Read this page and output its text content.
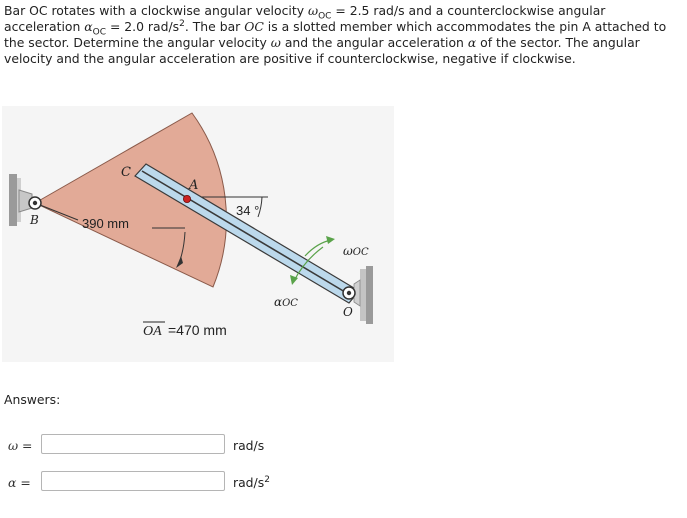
Bar OC rotates with a clockwise angular velocity $\omega_{OC} = 2.5$ rad/s and a counterclockwise angular acceleration $\alpha_{OC} = 2.0$ rad/$s^2$. The bar OC is a slotted member which accommodates the pin A attached to the sector. Determine the angular velocity ω and the angular acceleration α of the sector. The angular velocity and the angular acceleration are positive if counterclockwise, negative if clockwise.

C
A
B
O
390 mm
34 °
ωOC
αOC
OA =470 mm
Answers:
ω =	rad/s
α =	rad/$s^2$
